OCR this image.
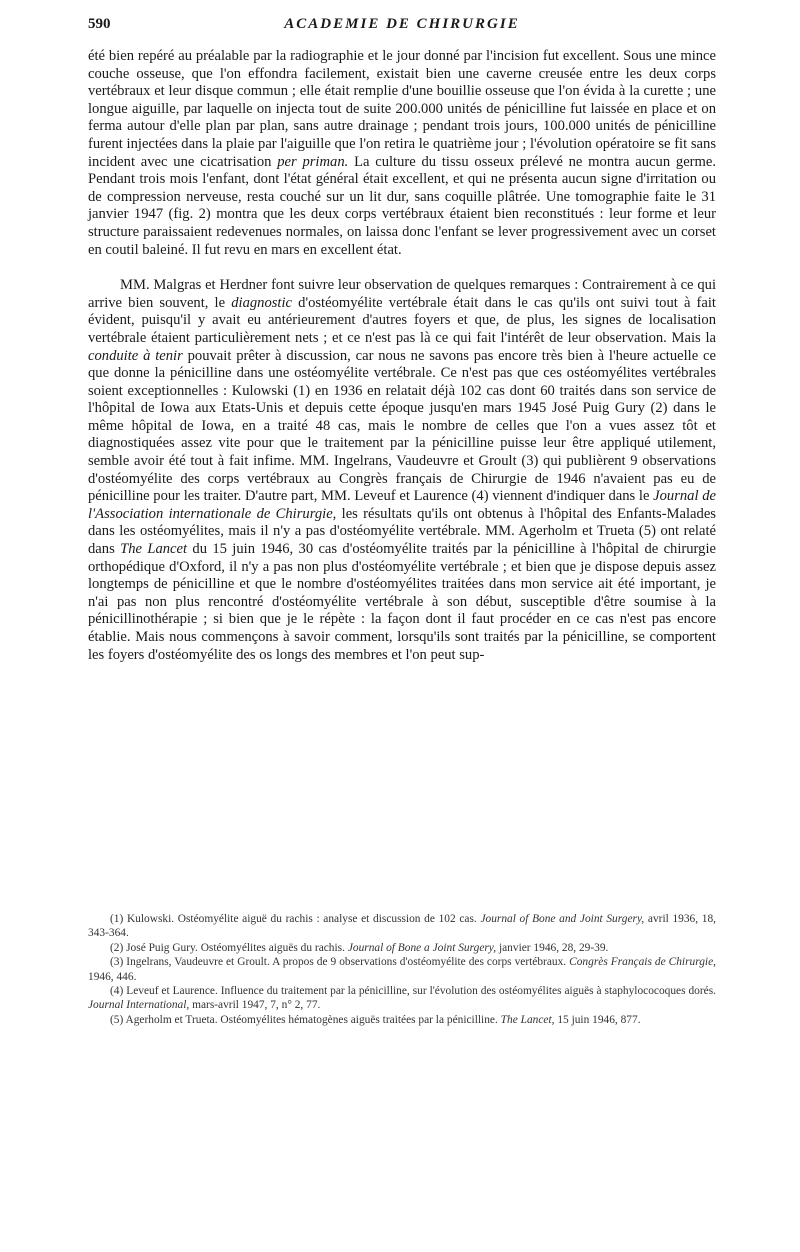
590	ACADEMIE DE CHIRURGIE

été bien repéré au préalable par la radiographie et le jour donné par l'incision fut excellent. Sous une mince couche osseuse, que l'on effondra facilement, existait bien une caverne creusée entre les deux corps vertébraux et leur disque commun ; elle était remplie d'une bouillie osseuse que l'on évida à la curette ; une longue aiguille, par laquelle on injecta tout de suite 200.000 unités de pénicilline fut laissée en place et on ferma autour d'elle plan par plan, sans autre drainage ; pendant trois jours, 100.000 unités de pénicilline furent injectées dans la plaie par l'aiguille que l'on retira le quatrième jour ; l'évolution opératoire se fit sans incident avec une cicatrisation per priman. La culture du tissu osseux prélevé ne montra aucun germe. Pendant trois mois l'enfant, dont l'état général était excellent, et qui ne présenta aucun signe d'irritation ou de compression nerveuse, resta couché sur un lit dur, sans coquille plâtrée. Une tomographie faite le 31 janvier 1947 (fig. 2) montra que les deux corps vertébraux étaient bien reconstitués : leur forme et leur structure paraissaient redevenues normales, on laissa donc l'enfant se lever progressivement avec un corset en coutil baleiné. Il fut revu en mars en excellent état.

MM. Malgras et Herdner font suivre leur observation de quelques remarques : Contrairement à ce qui arrive bien souvent, le diagnostic d'ostéomyélite vertébrale était dans le cas qu'ils ont suivi tout à fait évident, puisqu'il y avait eu antérieurement d'autres foyers et que, de plus, les signes de localisation vertébrale étaient particulièrement nets ; et ce n'est pas là ce qui fait l'intérêt de leur observation. Mais la conduite à tenir pouvait prêter à discussion, car nous ne savons pas encore très bien à l'heure actuelle ce que donne la pénicilline dans une ostéomyélite vertébrale. Ce n'est pas que ces ostéomyélites vertébrales soient exceptionnelles : Kulowski (1) en 1936 en relatait déjà 102 cas dont 60 traités dans son service de l'hôpital de Iowa aux Etats-Unis et depuis cette époque jusqu'en mars 1945 José Puig Gury (2) dans le même hôpital de Iowa, en a traité 48 cas, mais le nombre de celles que l'on a vues assez tôt et diagnostiquées assez vite pour que le traitement par la pénicilline puisse leur être appliqué utilement, semble avoir été tout à fait infime. MM. Ingelrans, Vaudeuvre et Groult (3) qui publièrent 9 observations d'ostéomyélite des corps vertébraux au Congrès français de Chirurgie de 1946 n'avaient pas eu de pénicilline pour les traiter. D'autre part, MM. Leveuf et Laurence (4) viennent d'indiquer dans le Journal de l'Association internationale de Chirurgie, les résultats qu'ils ont obtenus à l'hôpital des Enfants-Malades dans les ostéomyélites, mais il n'y a pas d'ostéomyélite vertébrale. MM. Agerholm et Trueta (5) ont relaté dans The Lancet du 15 juin 1946, 30 cas d'ostéomyélite traités par la pénicilline à l'hôpital de chirurgie orthopédique d'Oxford, il n'y a pas non plus d'ostéomyélite vertébrale ; et bien que je dispose depuis assez longtemps de pénicilline et que le nombre d'ostéomyélites traitées dans mon service ait été important, je n'ai pas non plus rencontré d'ostéomyélite vertébrale à son début, susceptible d'être soumise à la pénicillinothérapie ; si bien que je le répète : la façon dont il faut procéder en ce cas n'est pas encore établie. Mais nous commençons à savoir comment, lorsqu'ils sont traités par la pénicilline, se comportent les foyers d'ostéomyélite des os longs des membres et l'on peut sup-

(1) Kulowski. Ostéomyélite aiguë du rachis : analyse et discussion de 102 cas. Journal of Bone and Joint Surgery, avril 1936, 18, 343-364.

(2) José Puig Gury. Ostéomyélites aiguës du rachis. Journal of Bone a Joint Surgery, janvier 1946, 28, 29-39.

(3) Ingelrans, Vaudeuvre et Groult. A propos de 9 observations d'ostéomyélite des corps vertébraux. Congrès Français de Chirurgie, 1946, 446.

(4) Leveuf et Laurence. Influence du traitement par la pénicilline, sur l'évolution des ostéomyélites aiguës à staphylococoques dorés. Journal International, mars-avril 1947, 7, n° 2, 77.

(5) Agerholm et Trueta. Ostéomyélites hématogènes aiguës traitées par la pénicilline. The Lancet, 15 juin 1946, 877.
